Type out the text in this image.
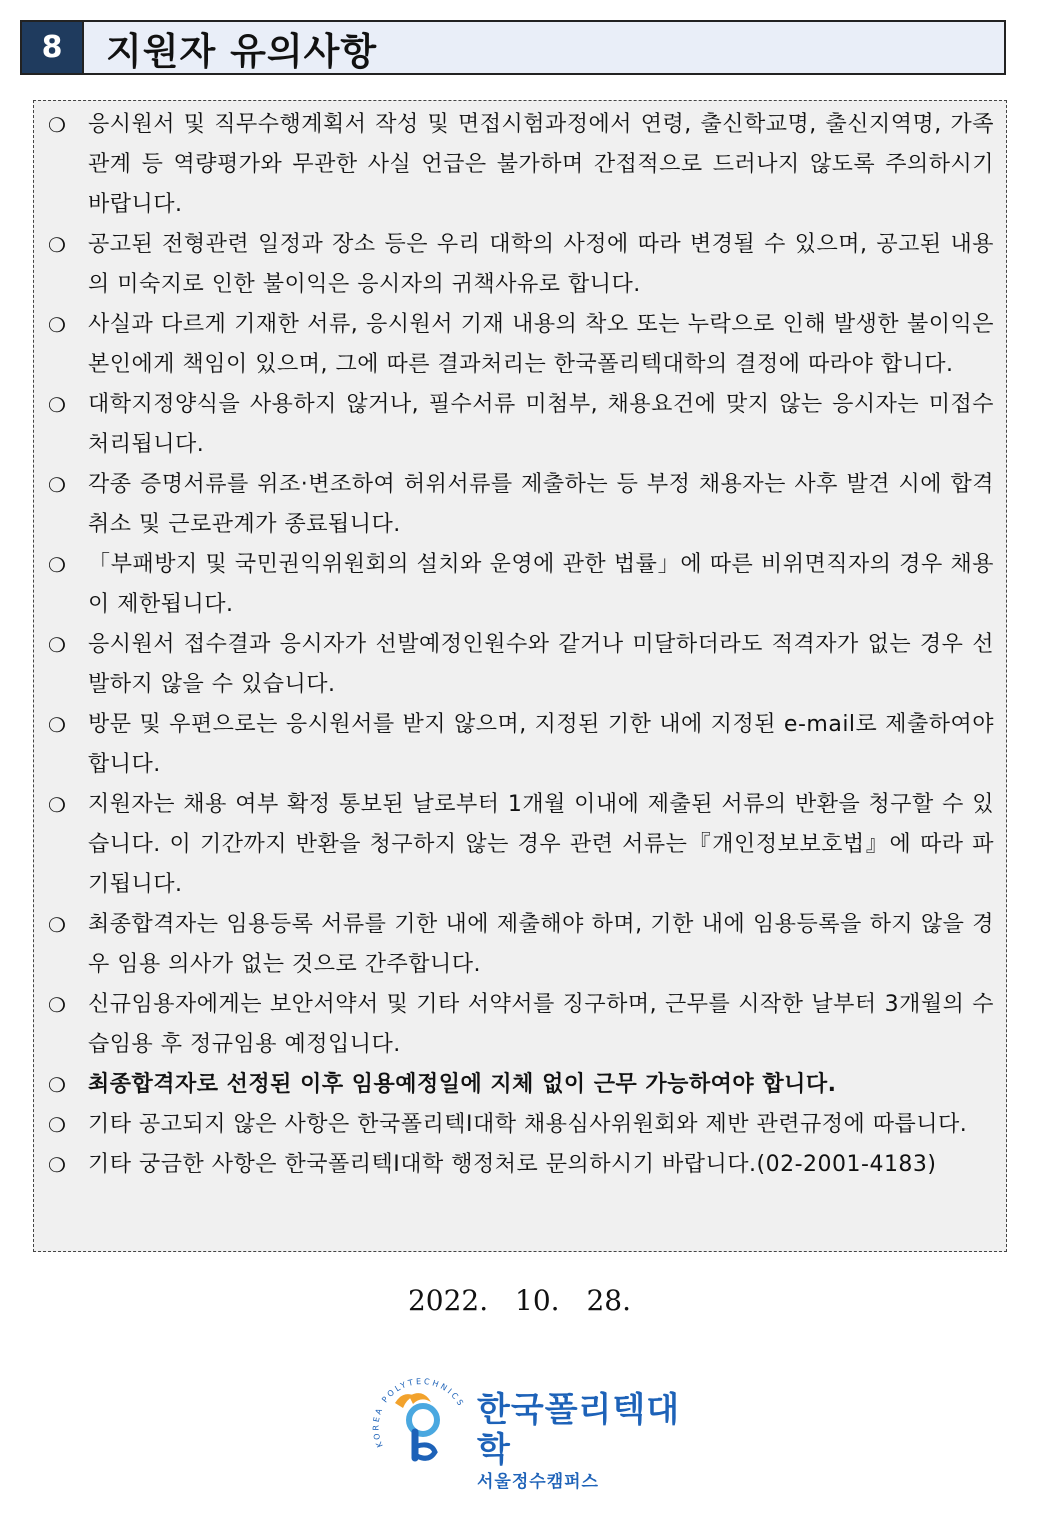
8	지원자 유의사항
❍ 응시원서 및 직무수행계획서 작성 및 면접시험과정에서 연령, 출신학교명, 출신지역명, 가족관계 등 역량평가와 무관한 사실 언급은 불가하며 간접적으로 드러나지 않도록 주의하시기 바랍니다.
❍ 공고된 전형관련 일정과 장소 등은 우리 대학의 사정에 따라 변경될 수 있으며, 공고된 내용의 미숙지로 인한 불이익은 응시자의 귀책사유로 합니다.
❍ 사실과 다르게 기재한 서류, 응시원서 기재 내용의 착오 또는 누락으로 인해 발생한 불이익은 본인에게 책임이 있으며, 그에 따른 결과처리는 한국폴리텍대학의 결정에 따라야 합니다.
❍ 대학지정양식을 사용하지 않거나, 필수서류 미첨부, 채용요건에 맞지 않는 응시자는 미접수 처리됩니다.
❍ 각종 증명서류를 위조·변조하여 허위서류를 제출하는 등 부정 채용자는 사후 발견 시에 합격취소 및 근로관계가 종료됩니다.
❍ 「부패방지 및 국민권익위원회의 설치와 운영에 관한 법률」에 따른 비위면직자의 경우 채용이 제한됩니다.
❍ 응시원서 접수결과 응시자가 선발예정인원수와 같거나 미달하더라도 적격자가 없는 경우 선발하지 않을 수 있습니다.
❍ 방문 및 우편으로는 응시원서를 받지 않으며, 지정된 기한 내에 지정된 e-mail로 제출하여야 합니다.
❍ 지원자는 채용 여부 확정 통보된 날로부터 1개월 이내에 제출된 서류의 반환을 청구할 수 있습니다. 이 기간까지 반환을 청구하지 않는 경우 관련 서류는『개인정보보호법』에 따라 파기됩니다.
❍ 최종합격자는 임용등록 서류를 기한 내에 제출해야 하며, 기한 내에 임용등록을 하지 않을 경우 임용 의사가 없는 것으로 간주합니다.
❍ 신규임용자에게는 보안서약서 및 기타 서약서를 징구하며, 근무를 시작한 날부터 3개월의 수습임용 후 정규임용 예정입니다.
❍ 최종합격자로 선정된 이후 임용예정일에 지체 없이 근무 가능하여야 합니다.
❍ 기타 공고되지 않은 사항은 한국폴리텍Ⅰ대학 채용심사위원회와 제반 관련규정에 따릅니다.
❍ 기타 궁금한 사항은 한국폴리텍Ⅰ대학 행정처로 문의하시기 바랍니다.(02-2001-4183)
2022. 10. 28.
KOREA POLYTECHNICS 한국폴리텍대학
서울정수캠퍼스
